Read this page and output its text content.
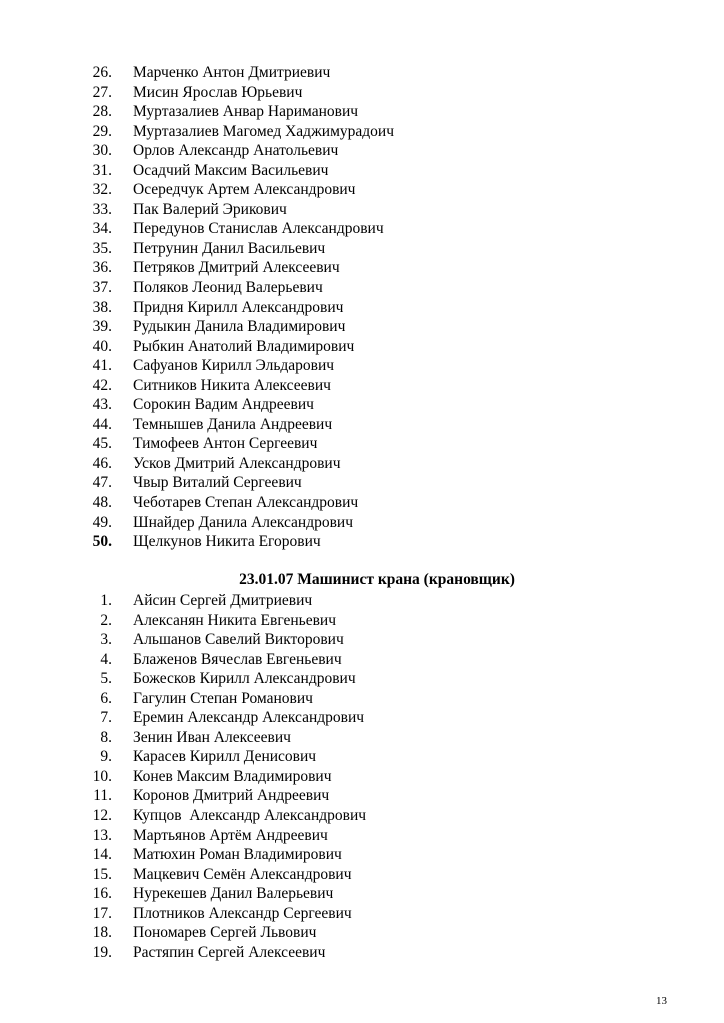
26. Марченко Антон Дмитриевич
27. Мисин Ярослав Юрьевич
28. Муртазалиев Анвар Нариманович
29. Муртазалиев Магомед Хаджимурадоич
30. Орлов Александр Анатольевич
31. Осадчий Максим Васильевич
32. Осередчук Артем Александрович
33. Пак Валерий Эрикович
34. Передунов Станислав Александрович
35. Петрунин Данил Васильевич
36. Петряков Дмитрий Алексеевич
37. Поляков Леонид Валерьевич
38. Придня Кирилл Александрович
39. Рудыкин Данила Владимирович
40. Рыбкин Анатолий Владимирович
41. Сафуанов Кирилл Эльдарович
42. Ситников Никита Алексеевич
43. Сорокин Вадим Андреевич
44. Темнышев Данила Андреевич
45. Тимофеев Антон Сергеевич
46. Усков Дмитрий Александрович
47. Чвыр Виталий Сергеевич
48. Чеботарев Степан Александрович
49. Шнайдер Данила Александрович
50. Щелкунов Никита Егорович
23.01.07 Машинист крана (крановщик)
1. Айсин Сергей Дмитриевич
2. Алексанян Никита Евгеньевич
3. Альшанов Савелий Викторович
4. Блаженов Вячеслав Евгеньевич
5. Божесков Кирилл Александрович
6. Гагулин Степан Романович
7. Еремин Александр Александрович
8. Зенин Иван Алексеевич
9. Карасев Кирилл Денисович
10. Конев Максим Владимирович
11. Коронов Дмитрий Андреевич
12. Купцов  Александр Александрович
13. Мартьянов Артём Андреевич
14. Матюхин Роман Владимирович
15. Мацкевич Семён Александрович
16. Нурекешев Данил Валерьевич
17. Плотников Александр Сергеевич
18. Пономарев Сергей Львович
19. Растяпин Сергей Алексеевич
13
